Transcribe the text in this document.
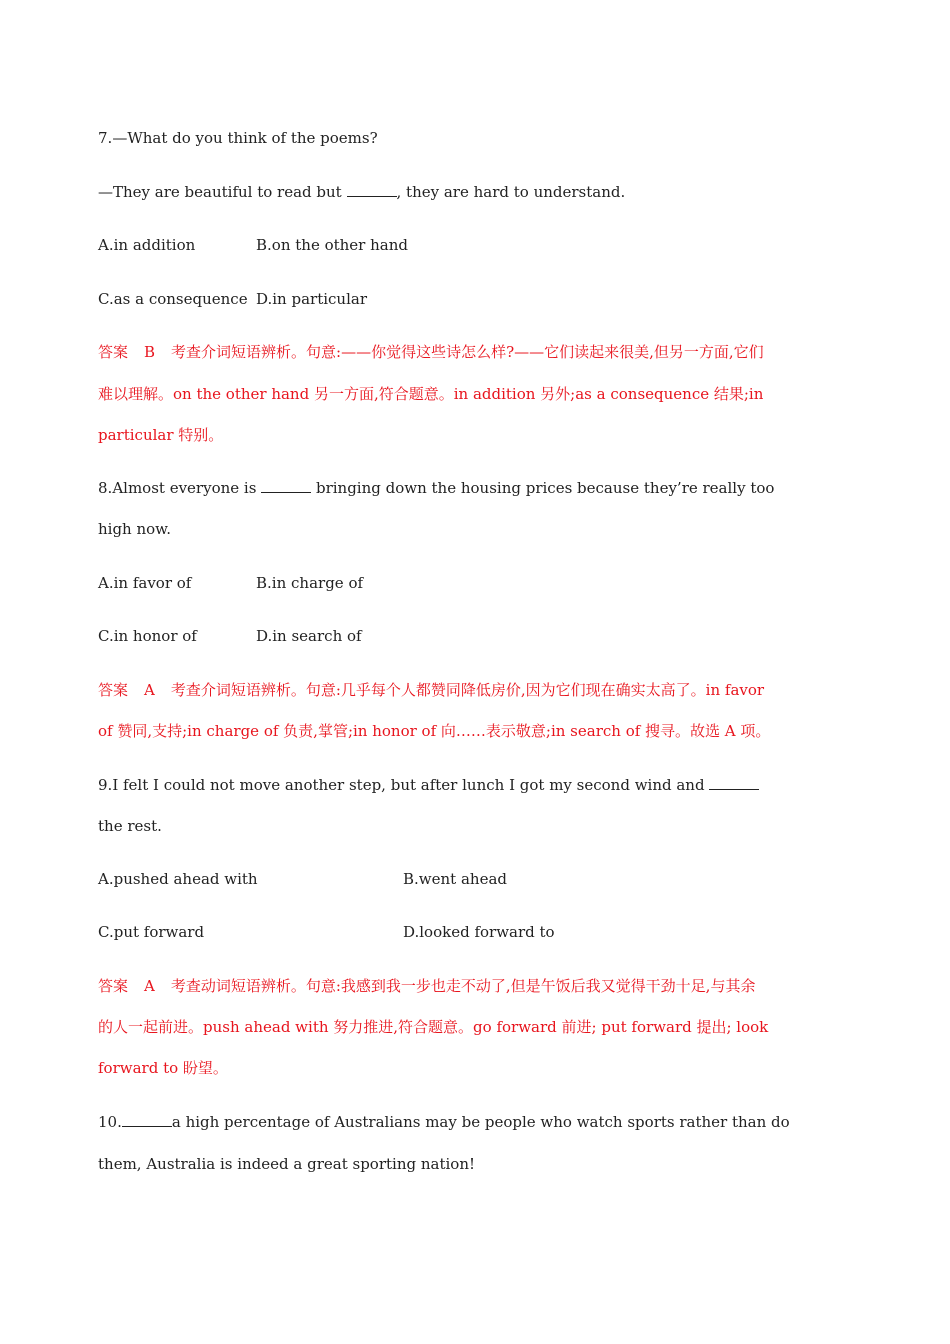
7.—What do you think of the poems?
—They are beautiful to read but	, they are hard to understand.
A.in addition	B.on the other hand
C.as a consequence D.in particular
答案 B 考查介词短语辨析。句意:——你觉得这些诗怎么样?——它们读起来很美,但另一方面,它们
难以理解。on the other hand 另一方面,符合题意。in addition 另外;as a consequence 结果;in
particular 特别。
8.Almost everyone is	bringing down the housing prices because they’re really too
high now.
A.in favor of	B.in charge of
C.in honor of	D.in search of
答案 A 考查介词短语辨析。句意:几乎每个人都赞同降低房价,因为它们现在确实太高了。in favor
of 赞同,支持;in charge of 负责,掌管;in honor of 向……表示敬意;in search of 搜寻。故选 A 项。
9.I felt I could not move another step, but after lunch I got my second wind and
the rest.
A.pushed ahead with	B.went ahead
C.put forward	D.looked forward to
答案 A 考查动词短语辨析。句意:我感到我一步也走不动了,但是午饭后我又觉得干劲十足,与其余
的人一起前进。push ahead with 努力推进,符合题意。go forward 前进; put forward 提出; look
forward to 盼望。
10.	a high percentage of Australians may be people who watch sports rather than do
them, Australia is indeed a great sporting nation!
